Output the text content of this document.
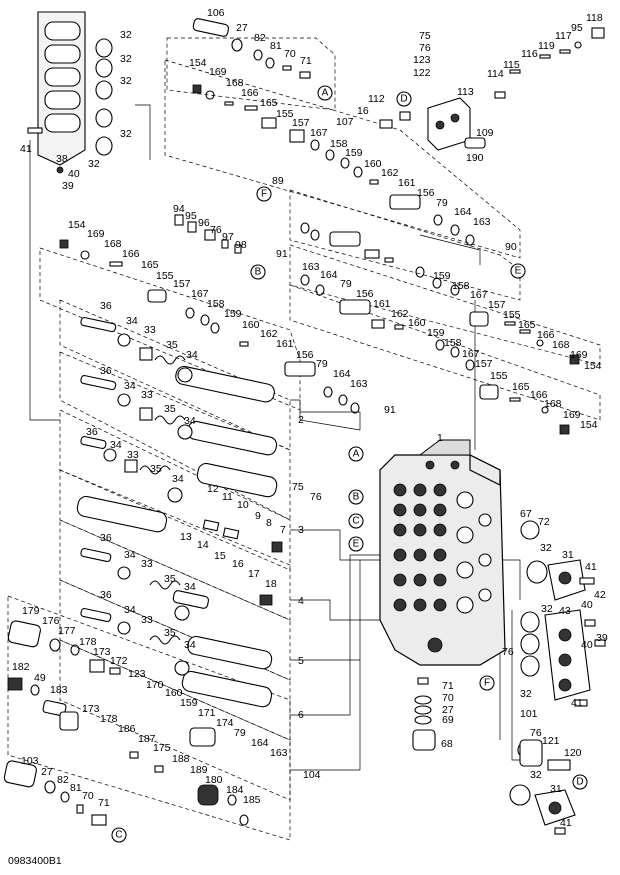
106
27
82
81
70
71
154
169
168
166
165
155
157
167
158
159
160
162
161
156
79
164
163
89
90
91
75
76
123
122
118
95
117
119
116
115
114
113
112
16
107
109
190
32
32
32
32
32
41
38
40
39
94
95
96
76
97
98
154
169
168
166
165
155
157
167
158
159
160
162
161
156
79
164
163
91
163
164
79
156
161
162
160
159
158
167
157
155
165
166
168
169
154
159
158
167
157
155
165
166
168
169
154
36
34
33
35
34
36
34
33
35
34
36
34
33
35
34
1
2
3
4
5
6
12
11
10
9
8
7
75
76
13
14
15
16
17
18
36
34
33
35
34
36
34
33
35
34
67
72
32
31
41
32 43 40
42
39
40
32
41
76
71
70
27
69
68
101
76
121
120
32
31
41
104
179
176
177
178
173
172
182
49
183
173
178
123
170
160
159
171
174
79
164
163
186
187
175
188
189
180
184
185
103
27
82
81
70
71
A
B
C
D
F
E
A
B
C
E
F
D
0983400B1
